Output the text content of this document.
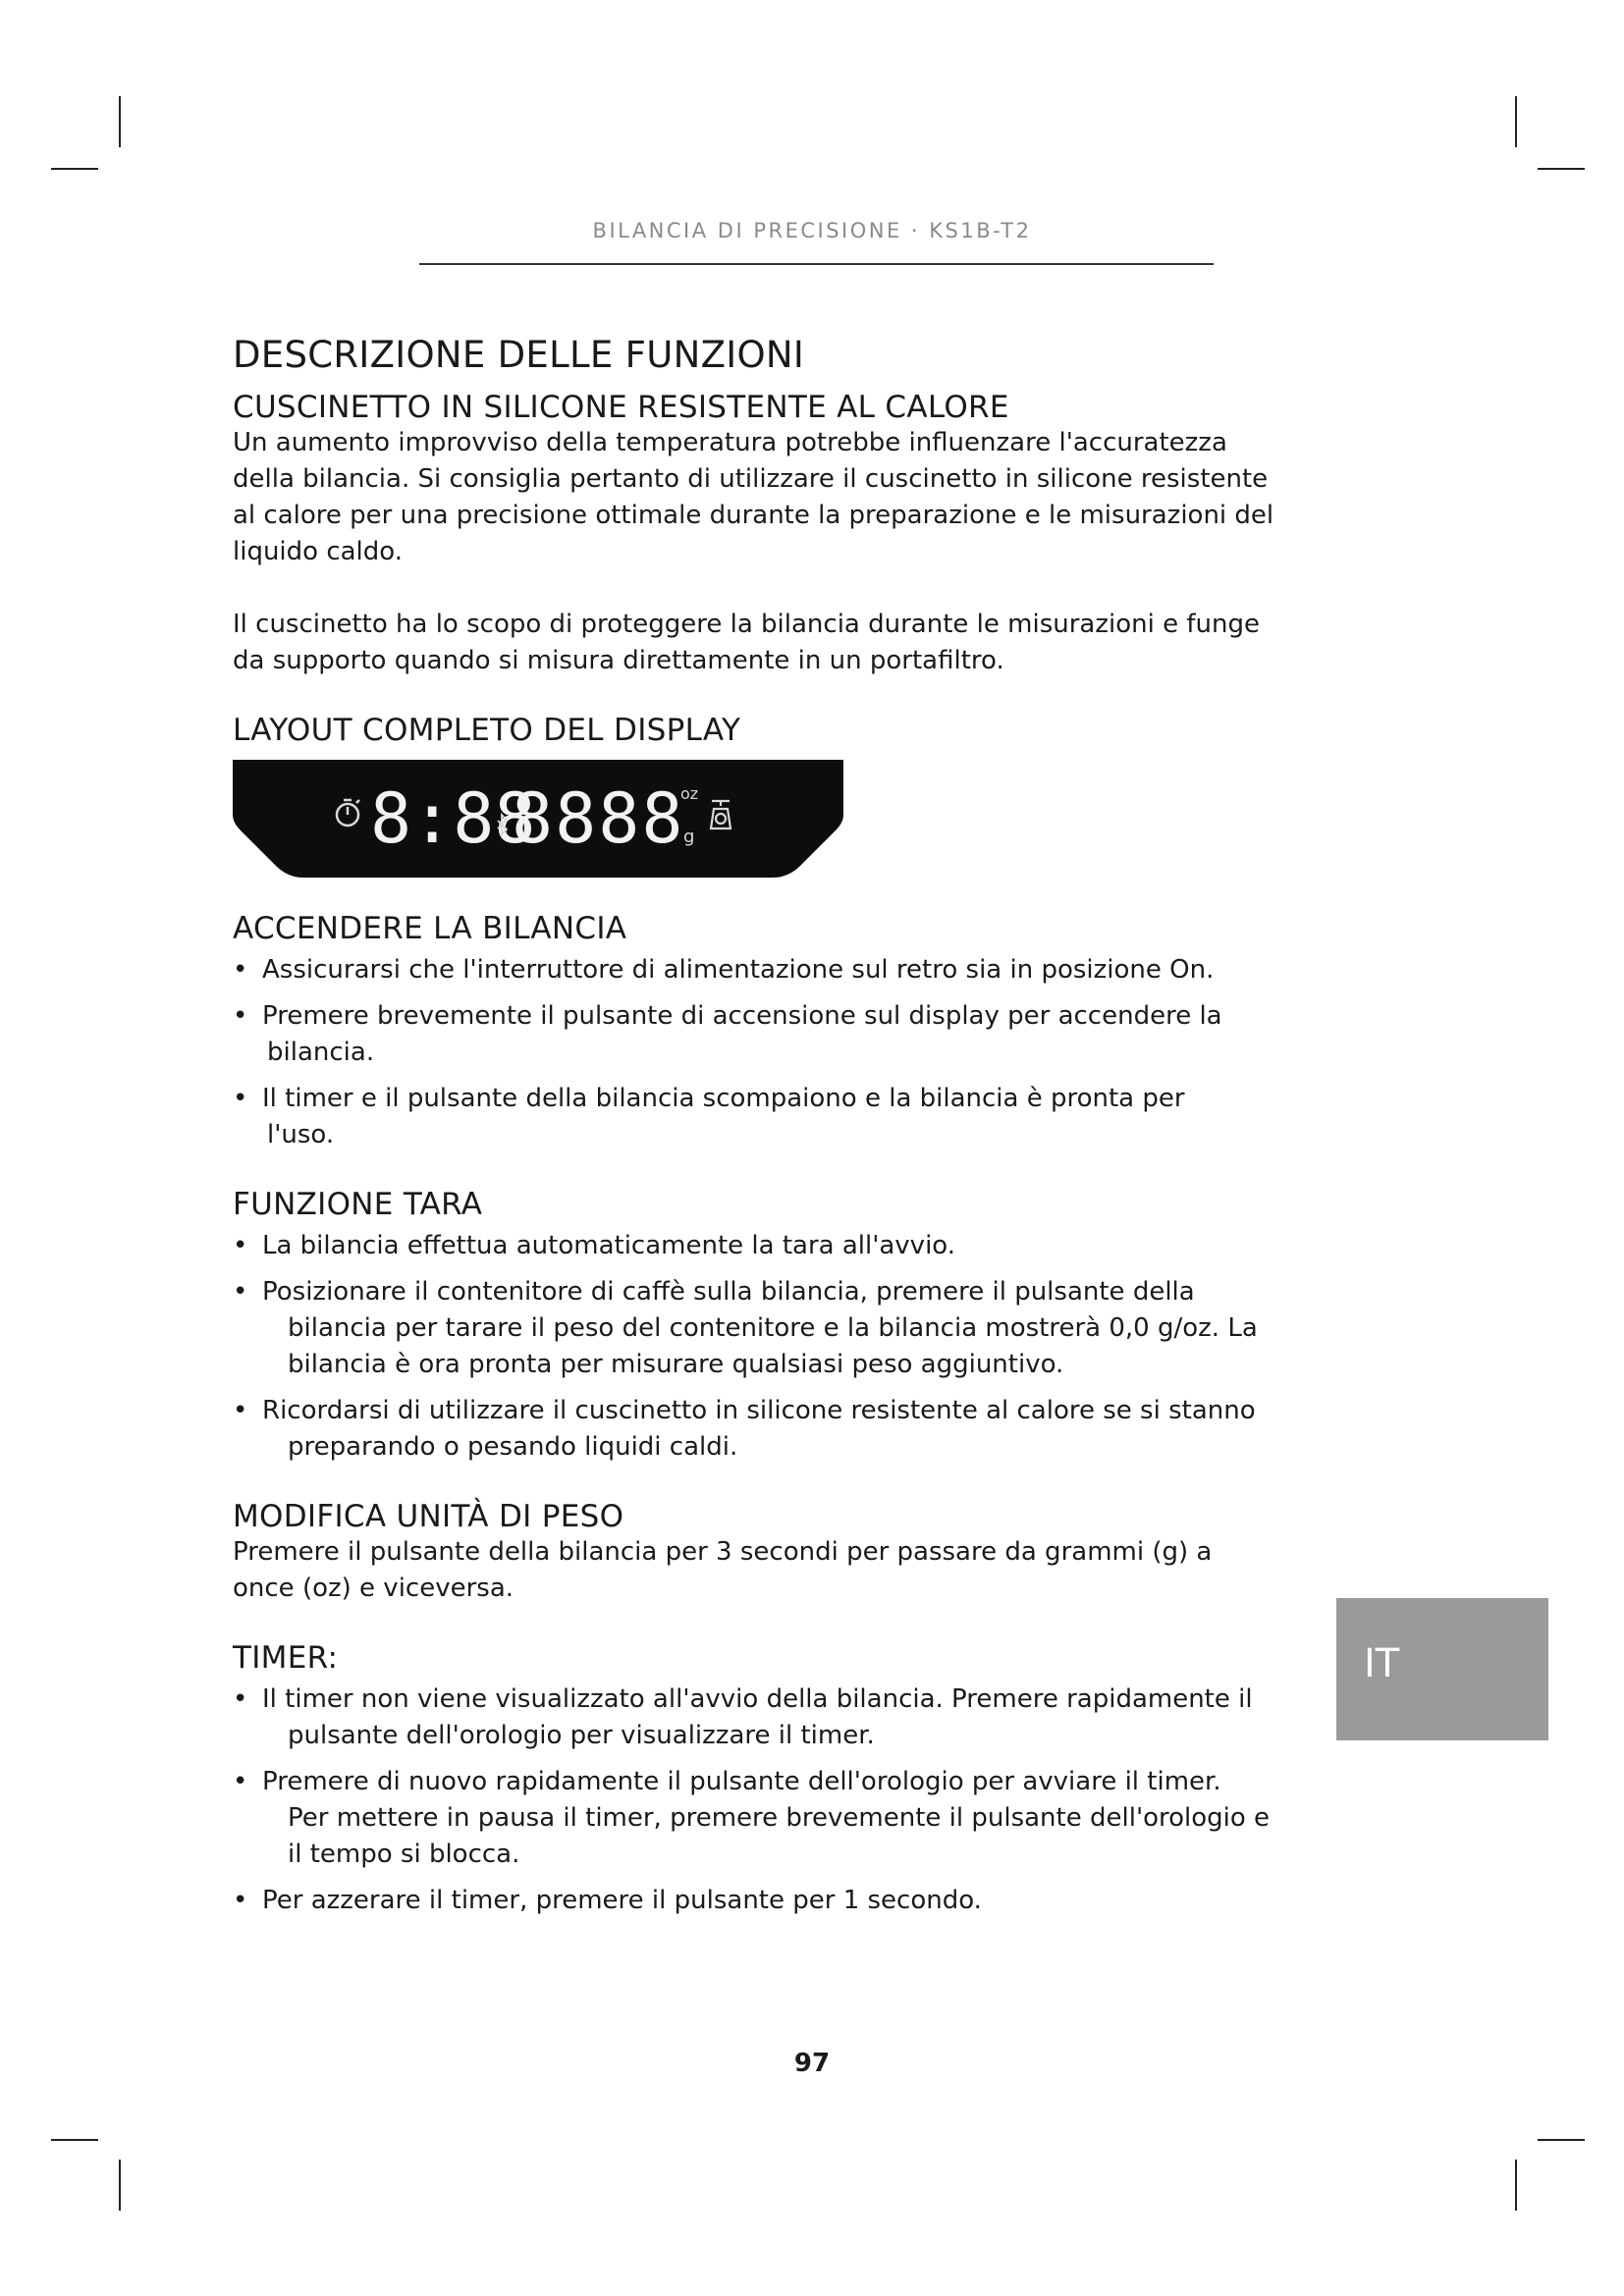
BILANCIA DI PRECISIONE · KS1B-T2
DESCRIZIONE DELLE FUNZIONI
CUSCINETTO IN SILICONE RESISTENTE AL CALORE

Un aumento improvviso della temperatura potrebbe influenzare l'accuratezza
della bilancia. Si consiglia pertanto di utilizzare il cuscinetto in silicone resistente
al calore per una precisione ottimale durante la preparazione e le misurazioni del
liquido caldo.

Il cuscinetto ha lo scopo di proteggere la bilancia durante le misurazioni e funge
da supporto quando si misura direttamente in un portafiltro.

LAYOUT COMPLETO DEL DISPLAY
8:88
8888
oz
g
ACCENDERE LA BILANCIA
• Assicurarsi che l'interruttore di alimentazione sul retro sia in posizione On.
• Premere brevemente il pulsante di accensione sul display per accendere la
bilancia.
• Il timer e il pulsante della bilancia scompaiono e la bilancia è pronta per
l'uso.
FUNZIONE TARA
• La bilancia effettua automaticamente la tara all'avvio.
• Posizionare il contenitore di caffè sulla bilancia, premere il pulsante della
bilancia per tarare il peso del contenitore e la bilancia mostrerà 0,0 g/oz. La
bilancia è ora pronta per misurare qualsiasi peso aggiuntivo.
• Ricordarsi di utilizzare il cuscinetto in silicone resistente al calore se si stanno
preparando o pesando liquidi caldi.
MODIFICA UNITÀ DI PESO

Premere il pulsante della bilancia per 3 secondi per passare da grammi (g) a
once (oz) e viceversa.

TIMER:
• Il timer non viene visualizzato all'avvio della bilancia. Premere rapidamente il
pulsante dell'orologio per visualizzare il timer.
• Premere di nuovo rapidamente il pulsante dell'orologio per avviare il timer.
Per mettere in pausa il timer, premere brevemente il pulsante dell'orologio e
il tempo si blocca.
• Per azzerare il timer, premere il pulsante per 1 secondo.
IT
97
